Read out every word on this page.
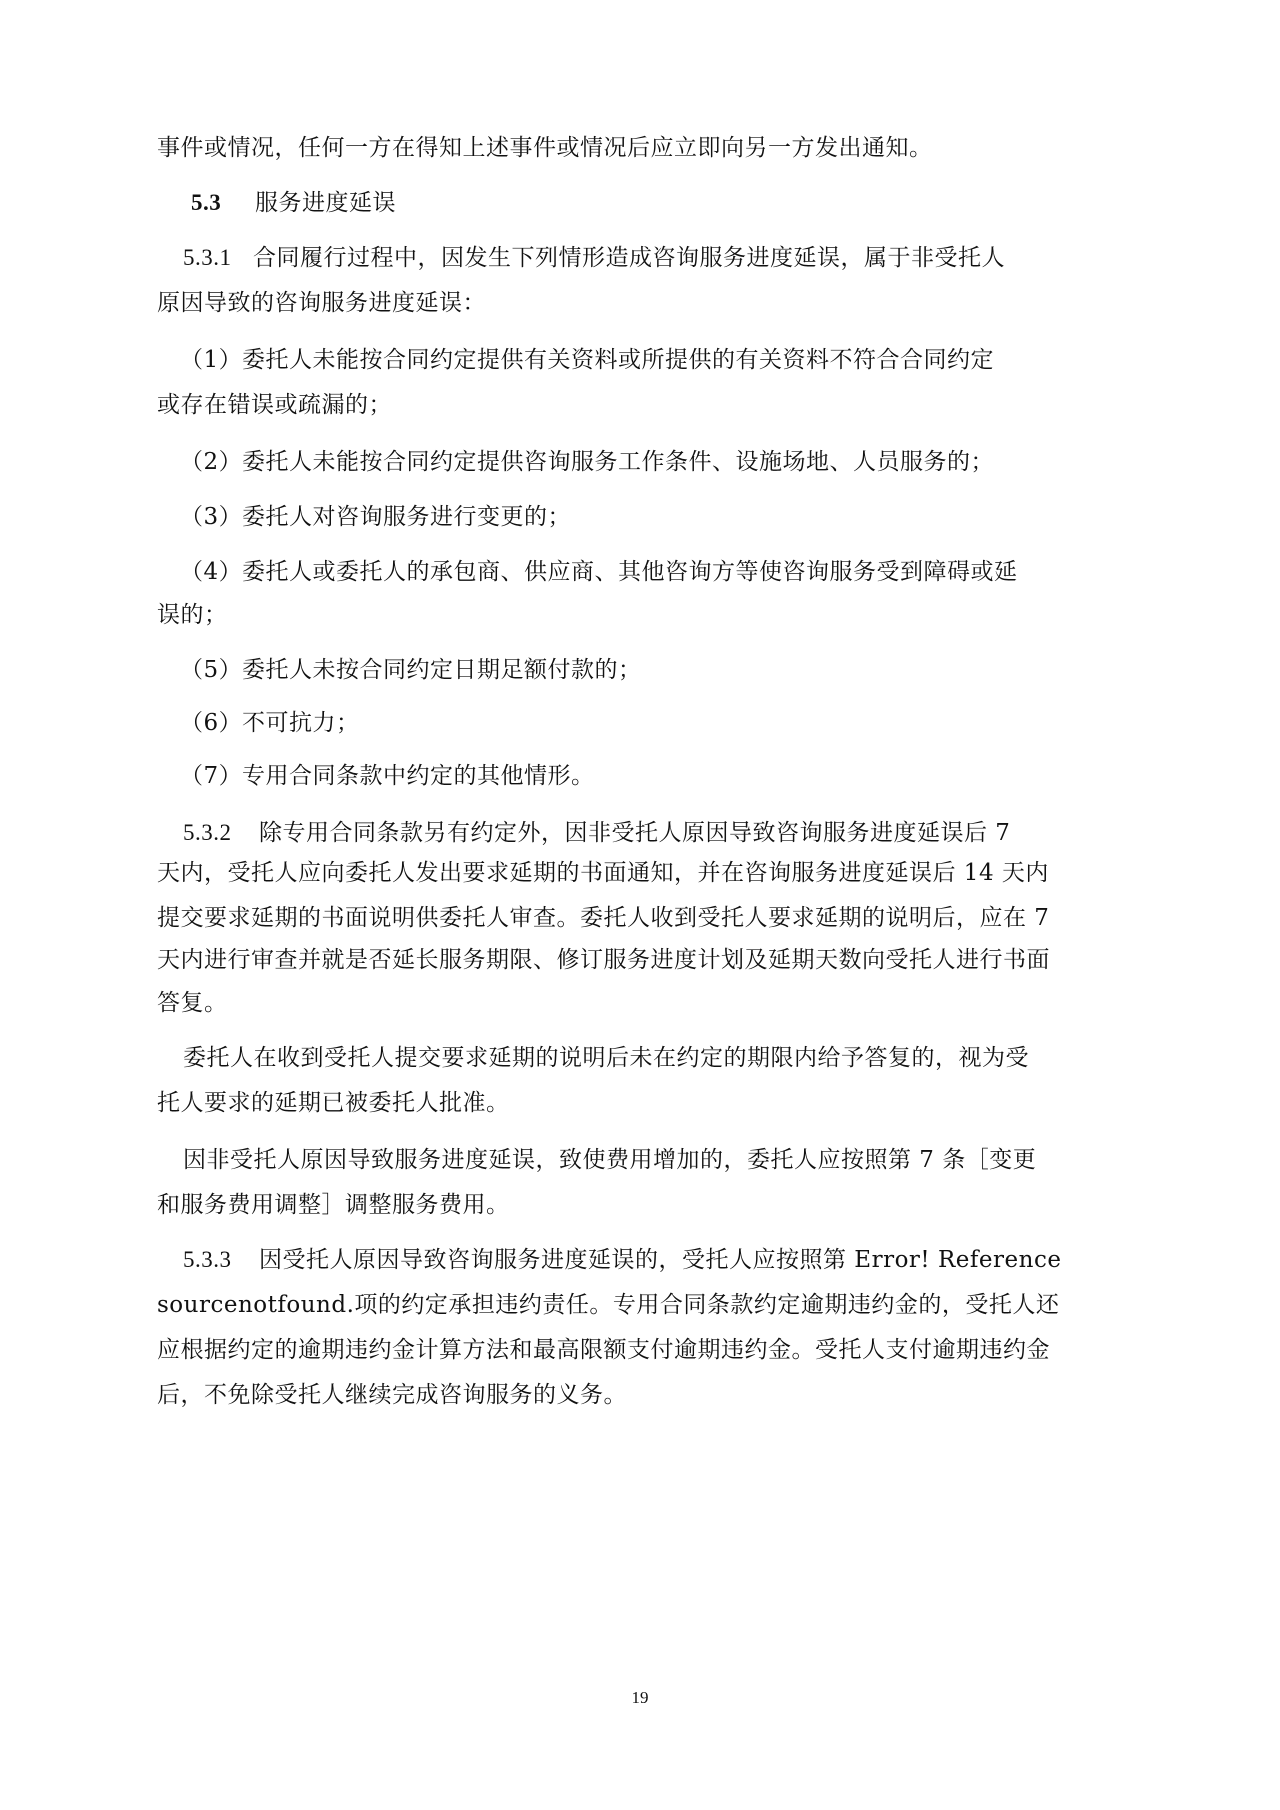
事件或情况，任何一方在得知上述事件或情况后应立即向另一方发出通知。
5.3 服务进度延误
5.3.1 合同履行过程中，因发生下列情形造成咨询服务进度延误，属于非受托人
原因导致的咨询服务进度延误：
（1）委托人未能按合同约定提供有关资料或所提供的有关资料不符合合同约定
或存在错误或疏漏的；
（2）委托人未能按合同约定提供咨询服务工作条件、设施场地、人员服务的；
（3）委托人对咨询服务进行变更的；
（4）委托人或委托人的承包商、供应商、其他咨询方等使咨询服务受到障碍或延
误的；
（5）委托人未按合同约定日期足额付款的；
（6）不可抗力；
（7）专用合同条款中约定的其他情形。
5.3.2 除专用合同条款另有约定外，因非受托人原因导致咨询服务进度延误后 7
天内，受托人应向委托人发出要求延期的书面通知，并在咨询服务进度延误后 14 天内
提交要求延期的书面说明供委托人审查。委托人收到受托人要求延期的说明后，应在 7
天内进行审查并就是否延长服务期限、修订服务进度计划及延期天数向受托人进行书面
答复。
委托人在收到受托人提交要求延期的说明后未在约定的期限内给予答复的，视为受
托人要求的延期已被委托人批准。
因非受托人原因导致服务进度延误，致使费用增加的，委托人应按照第 7 条［变更
和服务费用调整］调整服务费用。
5.3.3 因受托人原因导致咨询服务进度延误的，受托人应按照第 Error! Reference
sourcenotfound.项的约定承担违约责任。专用合同条款约定逾期违约金的，受托人还
应根据约定的逾期违约金计算方法和最高限额支付逾期违约金。受托人支付逾期违约金
后，不免除受托人继续完成咨询服务的义务。
19
